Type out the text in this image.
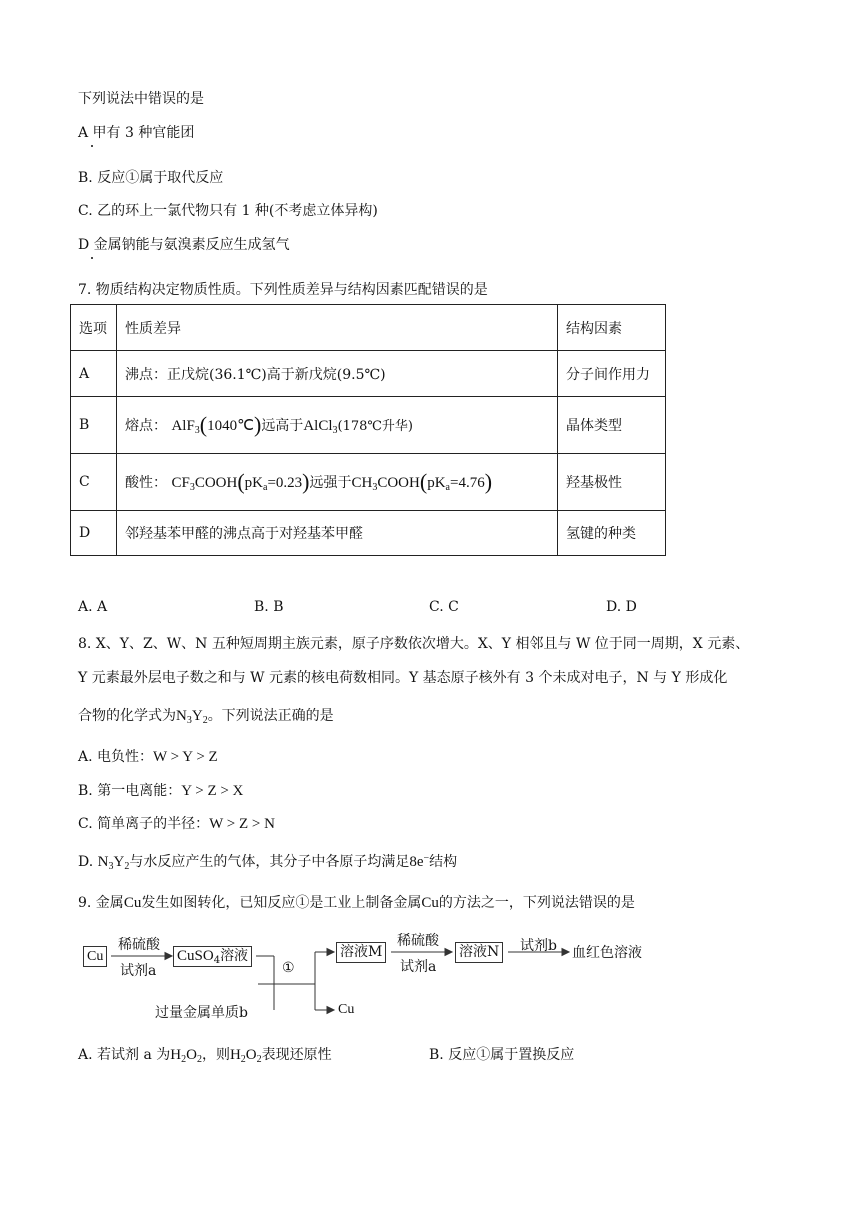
下列说法中错误的是
A 甲有 3 种官能团
B. 反应①属于取代反应
C. 乙的环上一氯代物只有 1 种(不考虑立体异构)
D 金属钠能与氨溴素反应生成氢气
7. 物质结构决定物质性质。下列性质差异与结构因素匹配错误的是
选项	性质差异	结构因素
A	沸点：正戊烷(36.1℃)高于新戊烷(9.5℃)	分子间作用力
B	熔点： AlF$_3$(1040℃)远高于AlCl$_3$(178℃升华)	晶体类型
C	酸性： $CF_3COOH(pK_a=0.23)$远强于$CH_3COOH(pK_a=4.76)$	羟基极性
D	邻羟基苯甲醛的沸点高于对羟基苯甲醛	氢键的种类
A. A	B. B	C. C	D. D
8. X、Y、Z、W、N 五种短周期主族元素，原子序数依次增大。X、Y 相邻且与 W 位于同一周期，X 元素、
Y 元素最外层电子数之和与 W 元素的核电荷数相同。Y 基态原子核外有 3 个未成对电子，N 与 Y 形成化
合物的化学式为$N_3Y_2$。下列说法正确的是
A. 电负性：W > Y > Z
B. 第一电离能：Y > Z > X
C. 简单离子的半径：W > Z > N
D. $N_3Y_2$与水反应产生的气体，其分子中各原子均满足8e−结构
9. 金属Cu发生如图转化，已知反应①是工业上制备金属Cu的方法之一，下列说法错误的是
Cu
稀硫酸
试剂a
CuSO$_4$溶液
①
过量金属单质b
溶液M
稀硫酸
试剂a
溶液N 试剂b 血红色溶液
Cu
A. 若试剂 a 为$H_2O_2$，则$H_2O_2$表现还原性	B. 反应①属于置换反应
